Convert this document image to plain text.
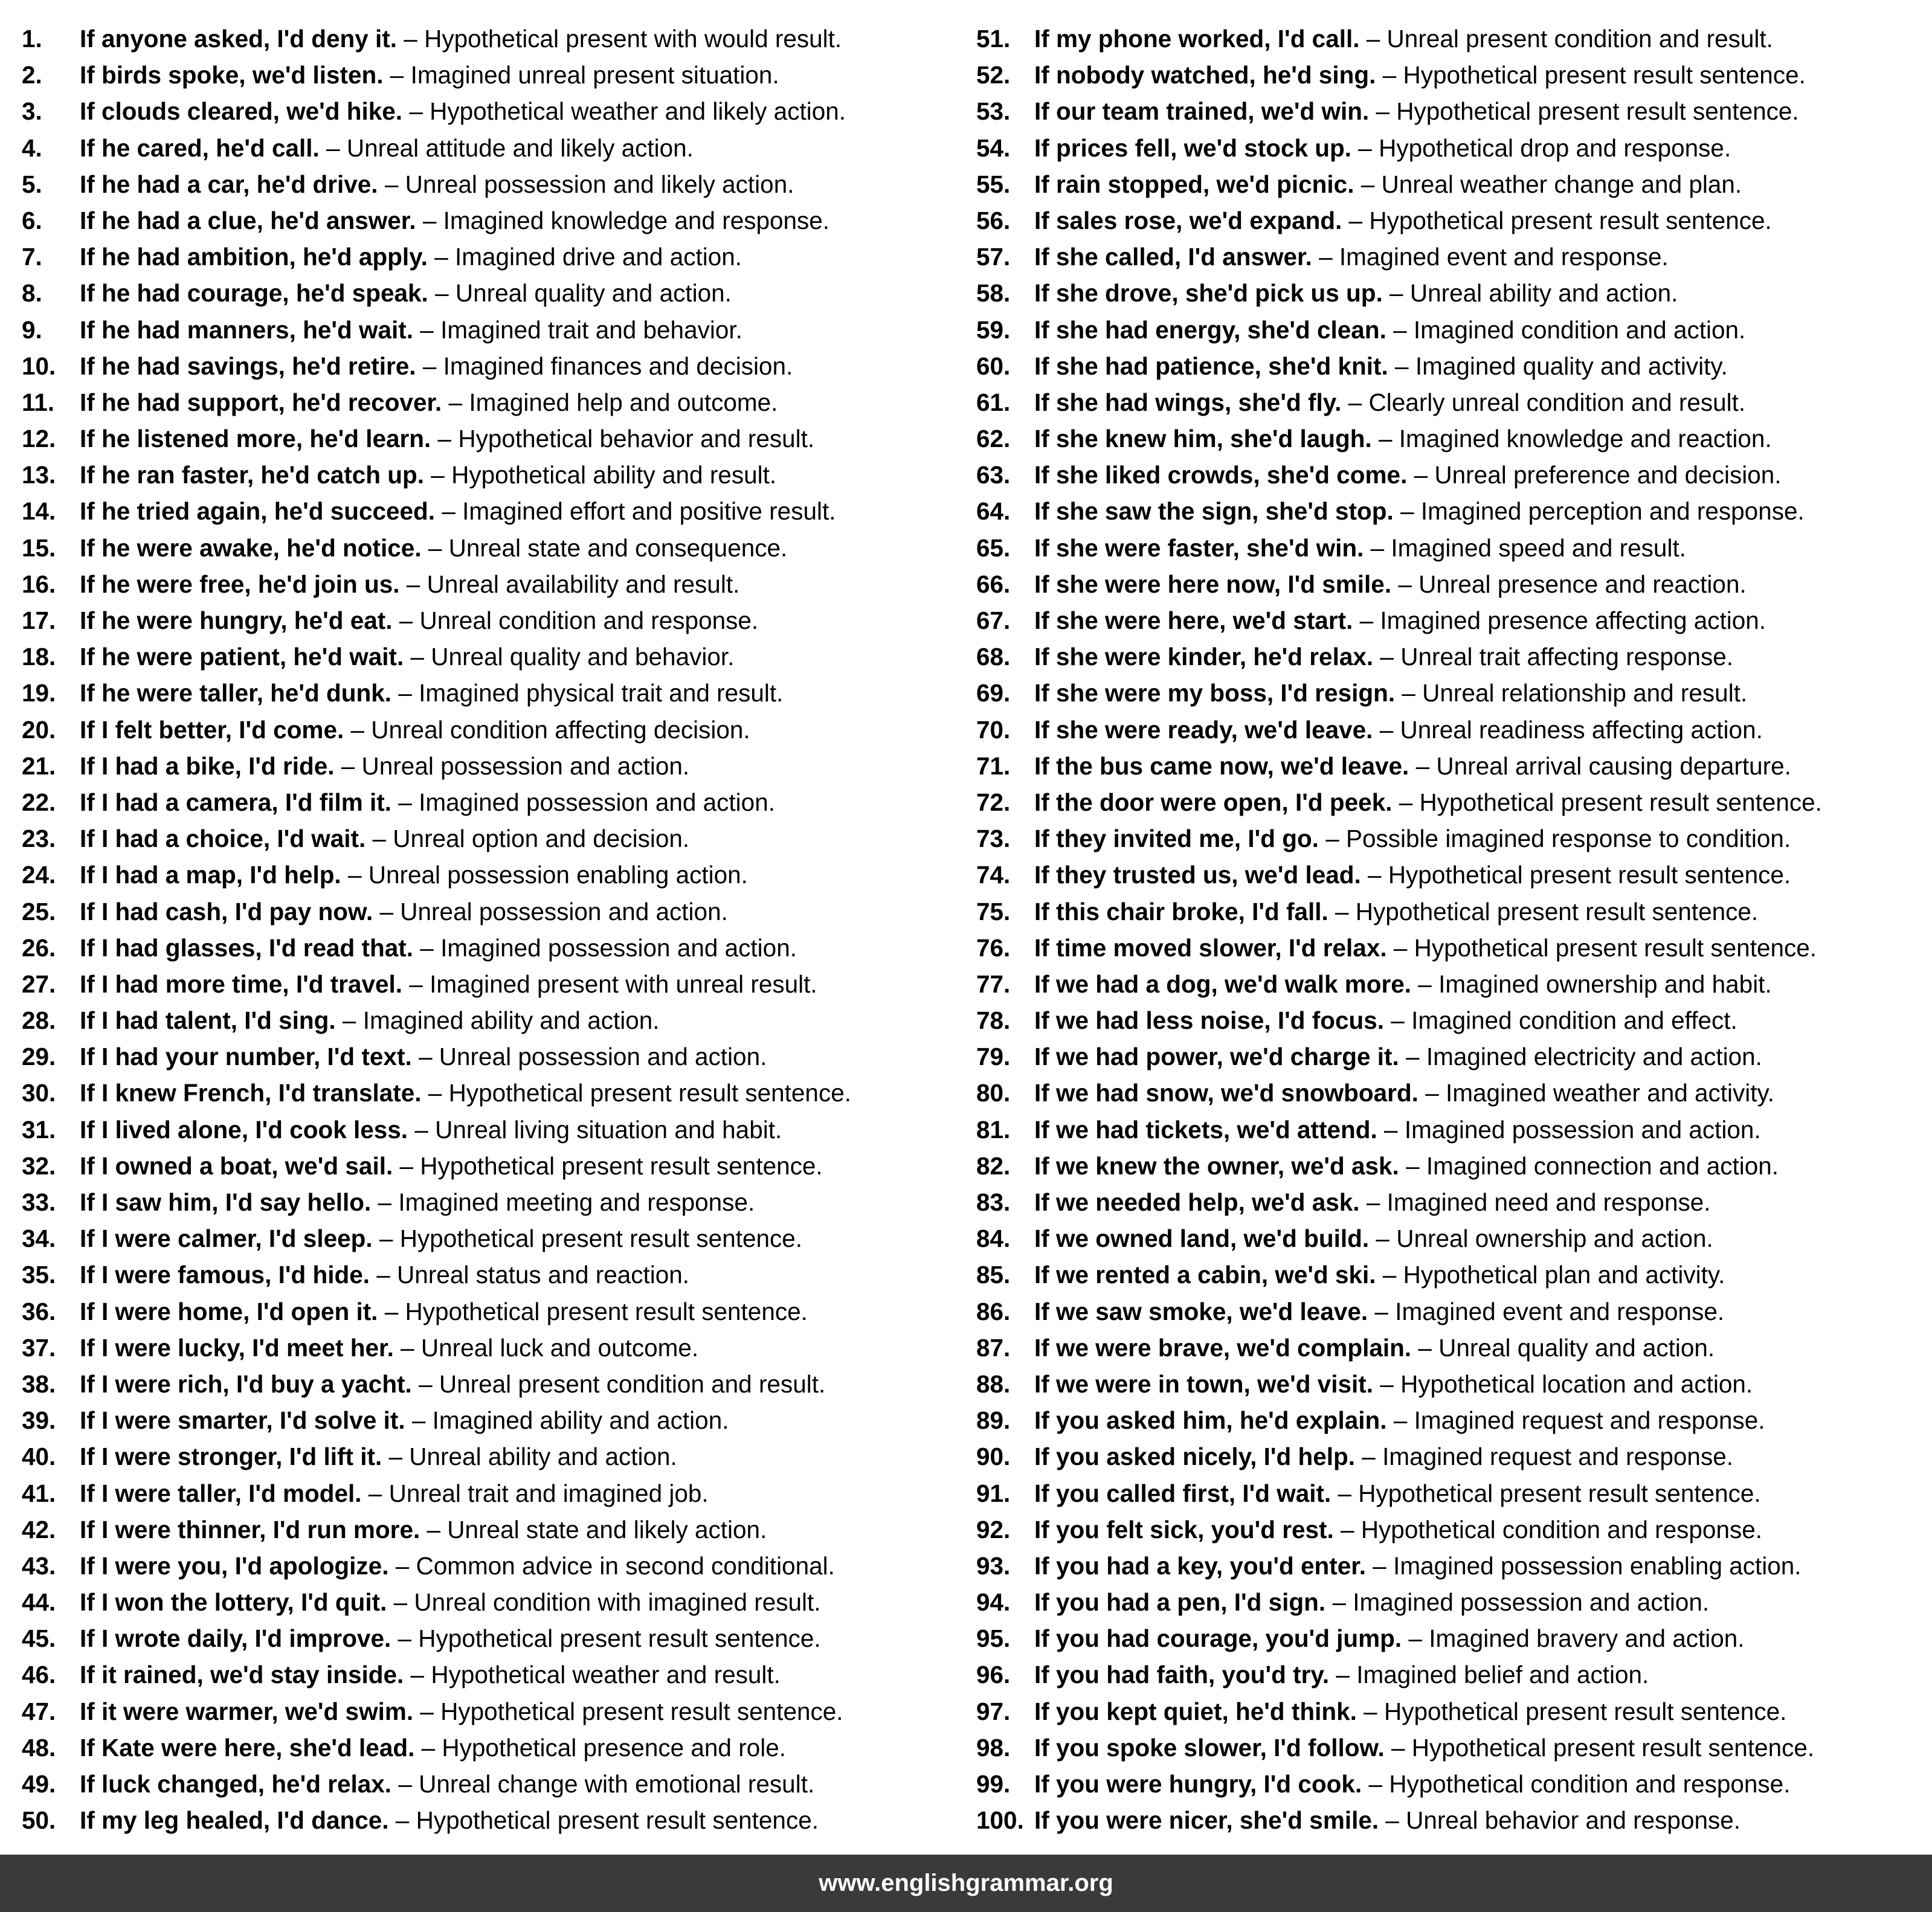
1. If anyone asked, I'd deny it. – Hypothetical present with would result.
2. If birds spoke, we'd listen. – Imagined unreal present situation.
3. If clouds cleared, we'd hike. – Hypothetical weather and likely action.
4. If he cared, he'd call. – Unreal attitude and likely action.
5. If he had a car, he'd drive. – Unreal possession and likely action.
6. If he had a clue, he'd answer. – Imagined knowledge and response.
7. If he had ambition, he'd apply. – Imagined drive and action.
8. If he had courage, he'd speak. – Unreal quality and action.
9. If he had manners, he'd wait. – Imagined trait and behavior.
10. If he had savings, he'd retire. – Imagined finances and decision.
11. If he had support, he'd recover. – Imagined help and outcome.
12. If he listened more, he'd learn. – Hypothetical behavior and result.
13. If he ran faster, he'd catch up. – Hypothetical ability and result.
14. If he tried again, he'd succeed. – Imagined effort and positive result.
15. If he were awake, he'd notice. – Unreal state and consequence.
16. If he were free, he'd join us. – Unreal availability and result.
17. If he were hungry, he'd eat. – Unreal condition and response.
18. If he were patient, he'd wait. – Unreal quality and behavior.
19. If he were taller, he'd dunk. – Imagined physical trait and result.
20. If I felt better, I'd come. – Unreal condition affecting decision.
21. If I had a bike, I'd ride. – Unreal possession and action.
22. If I had a camera, I'd film it. – Imagined possession and action.
23. If I had a choice, I'd wait. – Unreal option and decision.
24. If I had a map, I'd help. – Unreal possession enabling action.
25. If I had cash, I'd pay now. – Unreal possession and action.
26. If I had glasses, I'd read that. – Imagined possession and action.
27. If I had more time, I'd travel. – Imagined present with unreal result.
28. If I had talent, I'd sing. – Imagined ability and action.
29. If I had your number, I'd text. – Unreal possession and action.
30. If I knew French, I'd translate. – Hypothetical present result sentence.
31. If I lived alone, I'd cook less. – Unreal living situation and habit.
32. If I owned a boat, we'd sail. – Hypothetical present result sentence.
33. If I saw him, I'd say hello. – Imagined meeting and response.
34. If I were calmer, I'd sleep. – Hypothetical present result sentence.
35. If I were famous, I'd hide. – Unreal status and reaction.
36. If I were home, I'd open it. – Hypothetical present result sentence.
37. If I were lucky, I'd meet her. – Unreal luck and outcome.
38. If I were rich, I'd buy a yacht. – Unreal present condition and result.
39. If I were smarter, I'd solve it. – Imagined ability and action.
40. If I were stronger, I'd lift it. – Unreal ability and action.
41. If I were taller, I'd model. – Unreal trait and imagined job.
42. If I were thinner, I'd run more. – Unreal state and likely action.
43. If I were you, I'd apologize. – Common advice in second conditional.
44. If I won the lottery, I'd quit. – Unreal condition with imagined result.
45. If I wrote daily, I'd improve. – Hypothetical present result sentence.
46. If it rained, we'd stay inside. – Hypothetical weather and result.
47. If it were warmer, we'd swim. – Hypothetical present result sentence.
48. If Kate were here, she'd lead. – Hypothetical presence and role.
49. If luck changed, he'd relax. – Unreal change with emotional result.
50. If my leg healed, I'd dance. – Hypothetical present result sentence.
51. If my phone worked, I'd call. – Unreal present condition and result.
52. If nobody watched, he'd sing. – Hypothetical present result sentence.
53. If our team trained, we'd win. – Hypothetical present result sentence.
54. If prices fell, we'd stock up. – Hypothetical drop and response.
55. If rain stopped, we'd picnic. – Unreal weather change and plan.
56. If sales rose, we'd expand. – Hypothetical present result sentence.
57. If she called, I'd answer. – Imagined event and response.
58. If she drove, she'd pick us up. – Unreal ability and action.
59. If she had energy, she'd clean. – Imagined condition and action.
60. If she had patience, she'd knit. – Imagined quality and activity.
61. If she had wings, she'd fly. – Clearly unreal condition and result.
62. If she knew him, she'd laugh. – Imagined knowledge and reaction.
63. If she liked crowds, she'd come. – Unreal preference and decision.
64. If she saw the sign, she'd stop. – Imagined perception and response.
65. If she were faster, she'd win. – Imagined speed and result.
66. If she were here now, I'd smile. – Unreal presence and reaction.
67. If she were here, we'd start. – Imagined presence affecting action.
68. If she were kinder, he'd relax. – Unreal trait affecting response.
69. If she were my boss, I'd resign. – Unreal relationship and result.
70. If she were ready, we'd leave. – Unreal readiness affecting action.
71. If the bus came now, we'd leave. – Unreal arrival causing departure.
72. If the door were open, I'd peek. – Hypothetical present result sentence.
73. If they invited me, I'd go. – Possible imagined response to condition.
74. If they trusted us, we'd lead. – Hypothetical present result sentence.
75. If this chair broke, I'd fall. – Hypothetical present result sentence.
76. If time moved slower, I'd relax. – Hypothetical present result sentence.
77. If we had a dog, we'd walk more. – Imagined ownership and habit.
78. If we had less noise, I'd focus. – Imagined condition and effect.
79. If we had power, we'd charge it. – Imagined electricity and action.
80. If we had snow, we'd snowboard. – Imagined weather and activity.
81. If we had tickets, we'd attend. – Imagined possession and action.
82. If we knew the owner, we'd ask. – Imagined connection and action.
83. If we needed help, we'd ask. – Imagined need and response.
84. If we owned land, we'd build. – Unreal ownership and action.
85. If we rented a cabin, we'd ski. – Hypothetical plan and activity.
86. If we saw smoke, we'd leave. – Imagined event and response.
87. If we were brave, we'd complain. – Unreal quality and action.
88. If we were in town, we'd visit. – Hypothetical location and action.
89. If you asked him, he'd explain. – Imagined request and response.
90. If you asked nicely, I'd help. – Imagined request and response.
91. If you called first, I'd wait. – Hypothetical present result sentence.
92. If you felt sick, you'd rest. – Hypothetical condition and response.
93. If you had a key, you'd enter. – Imagined possession enabling action.
94. If you had a pen, I'd sign. – Imagined possession and action.
95. If you had courage, you'd jump. – Imagined bravery and action.
96. If you had faith, you'd try. – Imagined belief and action.
97. If you kept quiet, he'd think. – Hypothetical present result sentence.
98. If you spoke slower, I'd follow. – Hypothetical present result sentence.
99. If you were hungry, I'd cook. – Hypothetical condition and response.
100. If you were nicer, she'd smile. – Unreal behavior and response.
www.englishgrammar.org
